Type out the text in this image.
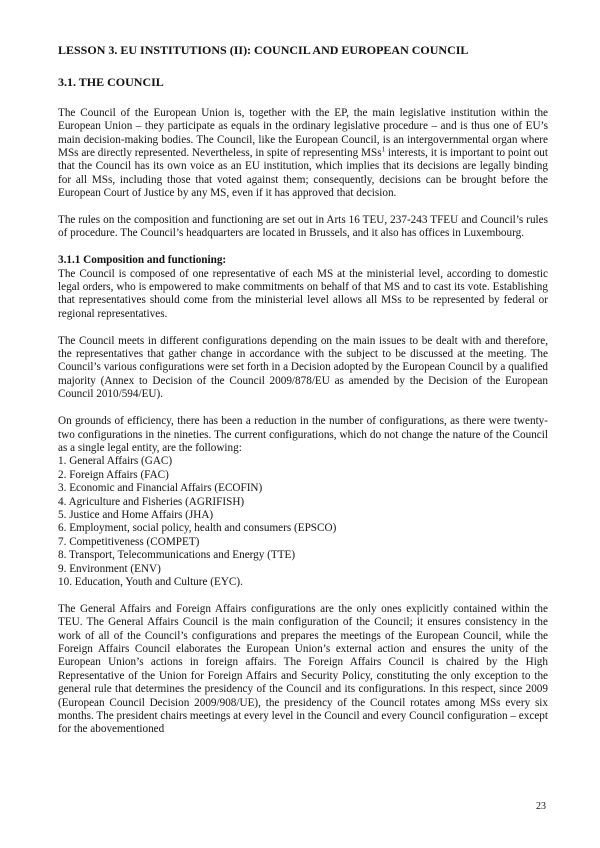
LESSON 3. EU INSTITUTIONS (II): COUNCIL AND EUROPEAN COUNCIL
3.1. THE COUNCIL

The Council of the European Union is, together with the EP, the main legislative institution within the European Union – they participate as equals in the ordinary legislative procedure – and is thus one of EU’s main decision-making bodies. The Council, like the European Council, is an intergovernmental organ where MSs are directly represented. Nevertheless, in spite of representing MSs$^1$ interests, it is important to point out that the Council has its own voice as an EU institution, which implies that its decisions are legally binding for all MSs, including those that voted against them; consequently, decisions can be brought before the European Court of Justice by any MS, even if it has approved that decision.

The rules on the composition and functioning are set out in Arts 16 TEU, 237-243 TFEU and Council’s rules of procedure. The Council’s headquarters are located in Brussels, and it also has offices in Luxembourg.

3.1.1 Composition and functioning:

The Council is composed of one representative of each MS at the ministerial level, according to domestic legal orders, who is empowered to make commitments on behalf of that MS and to cast its vote. Establishing that representatives should come from the ministerial level allows all MSs to be represented by federal or regional representatives.

The Council meets in different configurations depending on the main issues to be dealt with and therefore, the representatives that gather change in accordance with the subject to be discussed at the meeting. The Council’s various configurations were set forth in a Decision adopted by the European Council by a qualified majority (Annex to Decision of the Council 2009/878/EU as amended by the Decision of the European Council 2010/594/EU).

On grounds of efficiency, there has been a reduction in the number of configurations, as there were twenty-two configurations in the nineties. The current configurations, which do not change the nature of the Council as a single legal entity, are the following:

1. General Affairs (GAC)
2. Foreign Affairs (FAC)
3. Economic and Financial Affairs (ECOFIN)
4. Agriculture and Fisheries (AGRIFISH)
5. Justice and Home Affairs (JHA)
6. Employment, social policy, health and consumers (EPSCO)
7. Competitiveness (COMPET)
8. Transport, Telecommunications and Energy (TTE)
9. Environment (ENV)
10. Education, Youth and Culture (EYC).

The General Affairs and Foreign Affairs configurations are the only ones explicitly contained within the TEU. The General Affairs Council is the main configuration of the Council; it ensures consistency in the work of all of the Council’s configurations and prepares the meetings of the European Council, while the Foreign Affairs Council elaborates the European Union’s external action and ensures the unity of the European Union’s actions in foreign affairs. The Foreign Affairs Council is chaired by the High Representative of the Union for Foreign Affairs and Security Policy, constituting the only exception to the general rule that determines the presidency of the Council and its configurations. In this respect, since 2009 (European Council Decision 2009/908/UE), the presidency of the Council rotates among MSs every six months. The president chairs meetings at every level in the Council and every Council configuration – except for the abovementioned

23
